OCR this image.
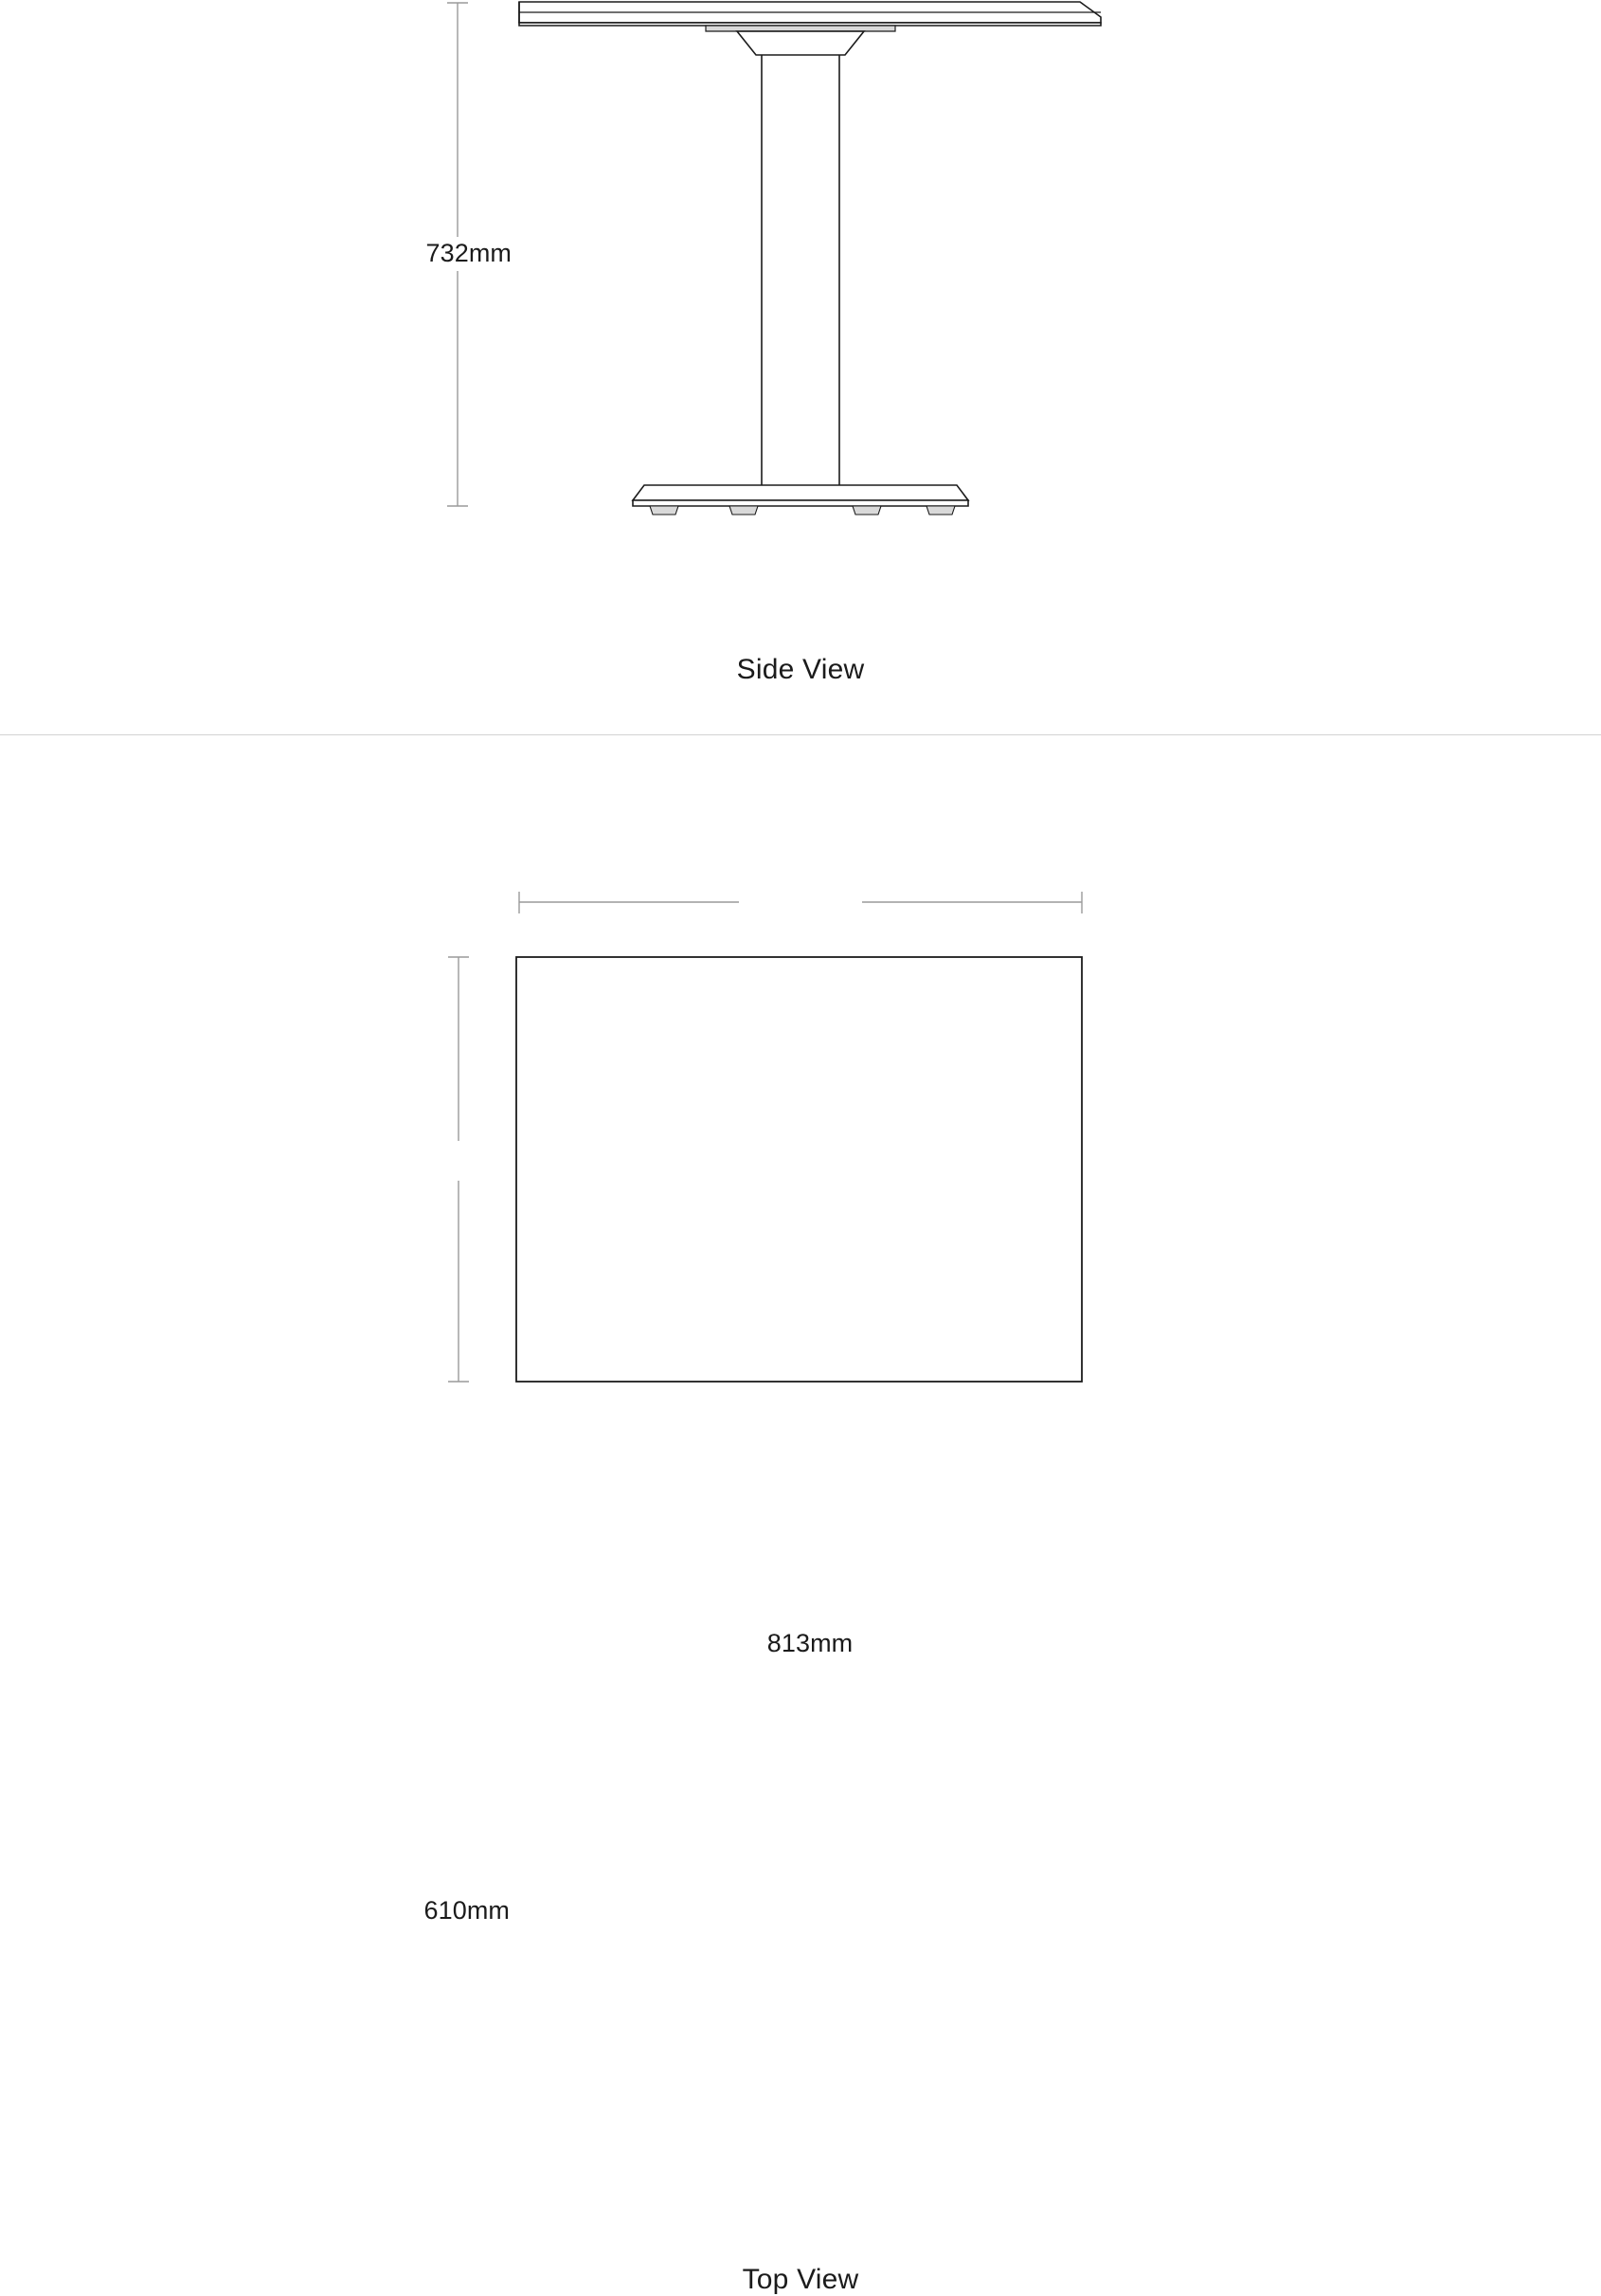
732mm
Side View
813mm
610mm
Top View
